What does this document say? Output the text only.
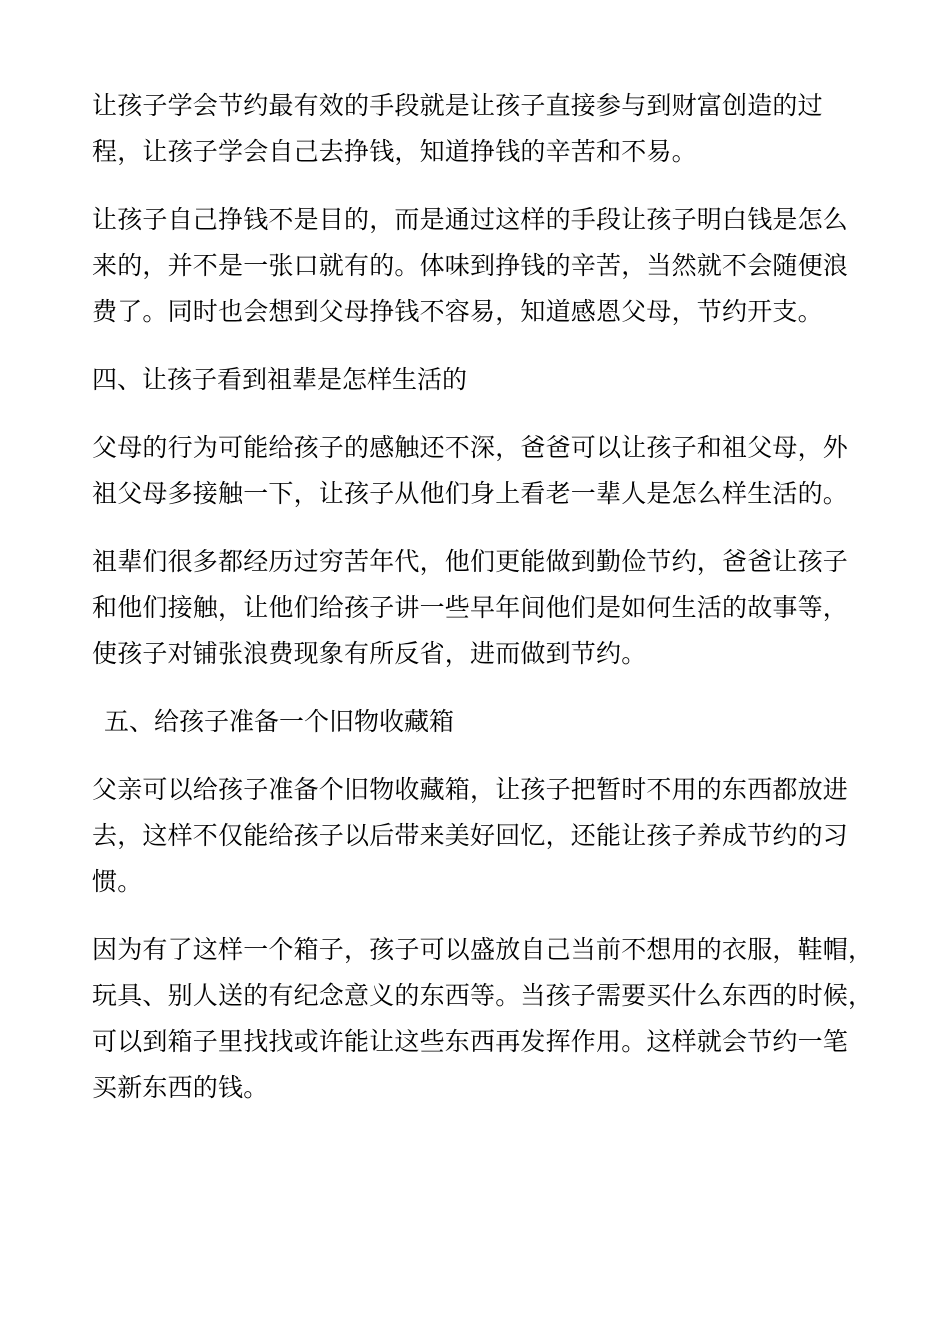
让孩子学会节约最有效的手段就是让孩子直接参与到财富创造的过
程，让孩子学会自己去挣钱，知道挣钱的辛苦和不易。

让孩子自己挣钱不是目的，而是通过这样的手段让孩子明白钱是怎么
来的，并不是一张口就有的。体味到挣钱的辛苦，当然就不会随便浪
费了。同时也会想到父母挣钱不容易，知道感恩父母，节约开支。

四、让孩子看到祖辈是怎样生活的

父母的行为可能给孩子的感触还不深，爸爸可以让孩子和祖父母，外
祖父母多接触一下，让孩子从他们身上看老一辈人是怎么样生活的。

祖辈们很多都经历过穷苦年代，他们更能做到勤俭节约，爸爸让孩子
和他们接触，让他们给孩子讲一些早年间他们是如何生活的故事等，
使孩子对铺张浪费现象有所反省，进而做到节约。

五、给孩子准备一个旧物收藏箱

父亲可以给孩子准备个旧物收藏箱，让孩子把暂时不用的东西都放进
去，这样不仅能给孩子以后带来美好回忆，还能让孩子养成节约的习
惯。

因为有了这样一个箱子，孩子可以盛放自己当前不想用的衣服，鞋帽，
玩具、别人送的有纪念意义的东西等。当孩子需要买什么东西的时候，
可以到箱子里找找或许能让这些东西再发挥作用。这样就会节约一笔
买新东西的钱。
